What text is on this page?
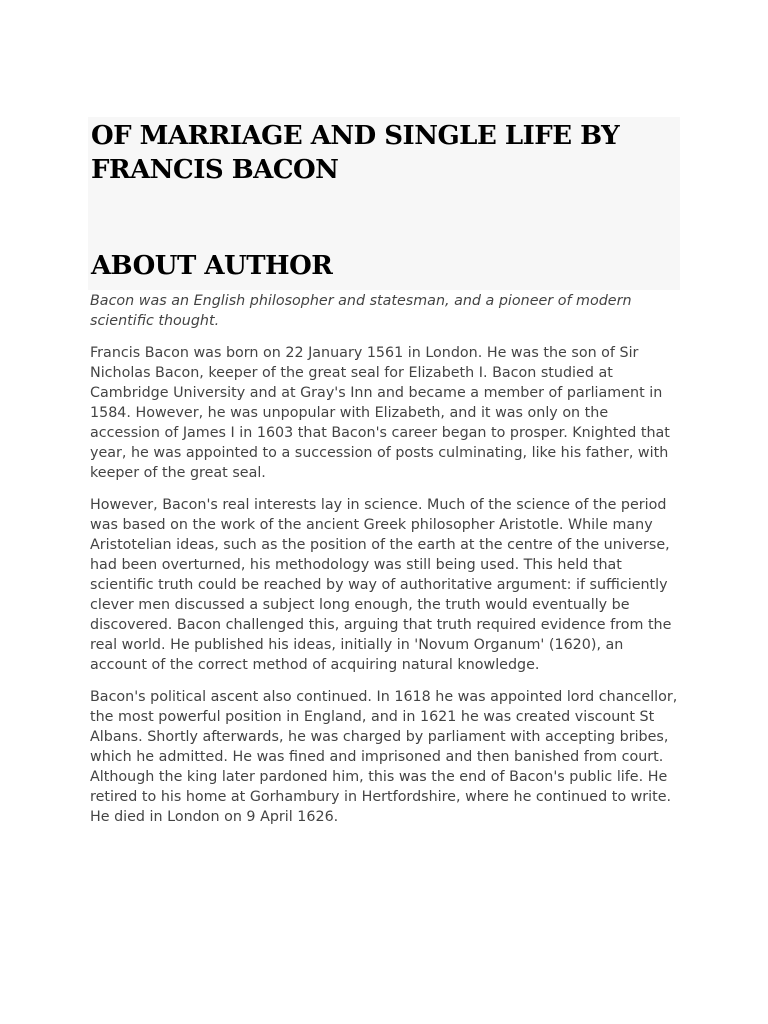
OF MARRIAGE AND SINGLE LIFE BY FRANCIS BACON
ABOUT AUTHOR

Bacon was an English philosopher and statesman, and a pioneer of modern scientific thought.

Francis Bacon was born on 22 January 1561 in London. He was the son of Sir Nicholas Bacon, keeper of the great seal for Elizabeth I. Bacon studied at Cambridge University and at Gray's Inn and became a member of parliament in 1584. However, he was unpopular with Elizabeth, and it was only on the accession of James I in 1603 that Bacon's career began to prosper. Knighted that year, he was appointed to a succession of posts culminating, like his father, with keeper of the great seal.

However, Bacon's real interests lay in science. Much of the science of the period was based on the work of the ancient Greek philosopher Aristotle. While many Aristotelian ideas, such as the position of the earth at the centre of the universe, had been overturned, his methodology was still being used. This held that scientific truth could be reached by way of authoritative argument: if sufficiently clever men discussed a subject long enough, the truth would eventually be discovered. Bacon challenged this, arguing that truth required evidence from the real world. He published his ideas, initially in 'Novum Organum' (1620), an account of the correct method of acquiring natural knowledge.

Bacon's political ascent also continued. In 1618 he was appointed lord chancellor, the most powerful position in England, and in 1621 he was created viscount St Albans. Shortly afterwards, he was charged by parliament with accepting bribes, which he admitted. He was fined and imprisoned and then banished from court. Although the king later pardoned him, this was the end of Bacon's public life. He retired to his home at Gorhambury in Hertfordshire, where he continued to write. He died in London on 9 April 1626.
